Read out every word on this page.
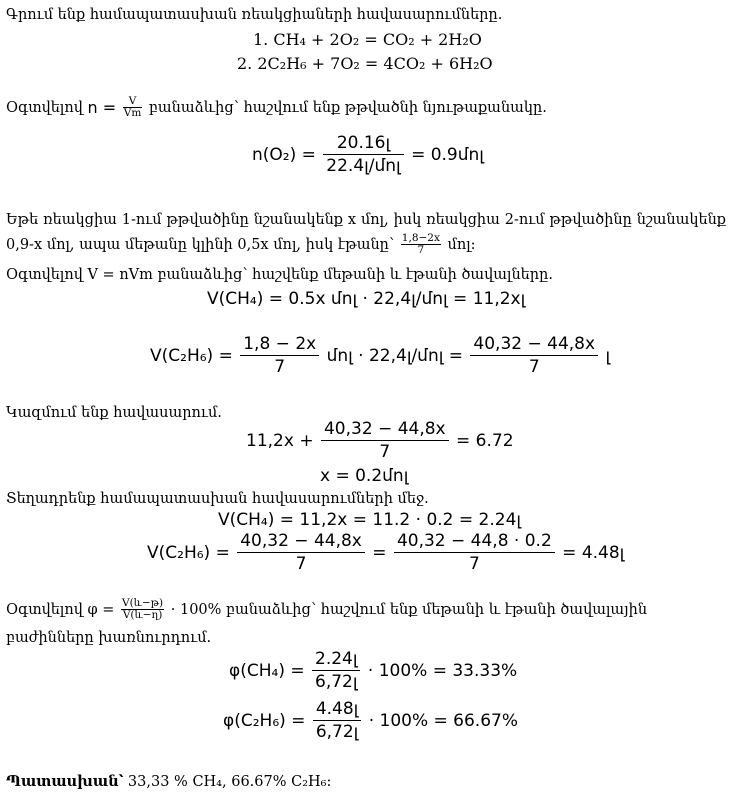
Գրում ենք համապատասխան ռեակցիաների հավասարումները.
1. CH₄ + 2O₂ = CO₂ + 2H₂O
2. 2C₂H₆ + 7O₂ = 4CO₂ + 6H₂O
Օգտվելով $n = \frac{V}{Vm}$ բանաձևից՝ հաշվում ենք թթվածնի նյութաքանակը.
$n(O_2) = \frac{\text{20.16լ}}{\text{22.4լ/մոլ}}$ = 0.9մոլ
Եթե ռեակցիա 1-ում թթվածինը նշանակենք x մոլ, իսկ ռեակցիա 2-ում թթվածինը նշանակենք
0,9-x մոլ, ապա մեթանը կլինի 0,5x մոլ, իսկ էթանը՝ $\frac{1,8-2x}{7}$ մոլ:
Օգտվելով V = nVm բանաձևից՝ հաշվենք մեթանի և էթանի ծավալները.
V(CH₄) = 0.5x մոլ · 22,4լ/մոլ = 11,2xլ
$V(C_2H_6) = \frac{1,8 - 2x}{7}$ մոլ · 22,4լ/մոլ = $\frac{40,32 - 44,8x}{7}$ լ
Կազմում ենք հավասարում.
$11,2x + \frac{40,32 - 44,8x}{7} = 6.72$
x = 0.2մոլ
Տեղադրենք համապատասխան հավասարումների մեջ.
V(CH₄) = 11,2x = 11.2 · 0.2 = 2.24լ
$V(C_2H_6) = \frac{40,32 - 44,8x}{7} = \frac{40,32 - 44,8 \cdot 0.2}{7}$ = 4.48լ
Օգտվելով $\varphi = \frac{\text{V(և−թ)}}{\text{V(և−ղ)}} \cdot 100\%$ բանաձևից՝ հաշվում ենք մեթանի և էթանի ծավալային
բաժինները խառնուրդում.
$\varphi(CH_4) = \frac{\text{2.24լ}}{\text{6,72լ}} \cdot 100\% = 33.33\%$
$\varphi(C_2H_6) = \frac{\text{4.48լ}}{\text{6,72լ}} \cdot 100\% = 66.67\%$
Պատասխան՝ 33,33 % CH₄, 66.67% C₂H₆:
